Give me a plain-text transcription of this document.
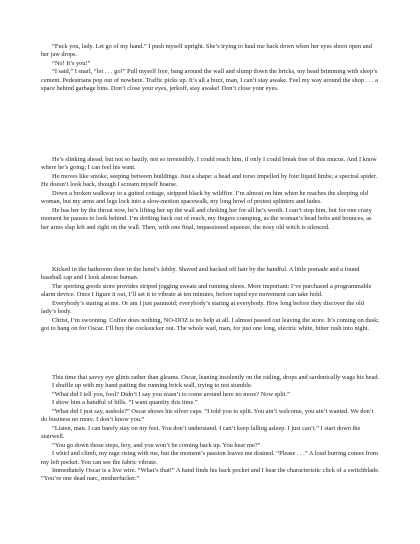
“Fuck you, lady. Let go of my hand.” I push myself upright. She’s trying to haul me back down when her eyes shoot open and her jaw drops.

“No! It’s you!”

“I said,” I snarl, “let . . . go!” Pull myself free, bang around the wall and slump down the bricks, my head brimming with sleep’s cement. Pedestrians pop out of nowhere. Traffic picks up. It’s all a buzz, man, I can’t stay awake. Feel my way around the shop . . . a space behind garbage bins. Don’t close your eyes, jerkoff, stay awake! Don’t close your eyes.

He’s slinking ahead, but not so hazily, not so irresistibly. I could reach him, if only I could break free of this mucus. And I know where he’s going; I can feel his want.

He moves like smoke, seeping between buildings. Just a shape: a head and torso impelled by four liquid limbs; a spectral spider. He doesn’t look back, though I scream myself hoarse.

Down a broken walkway to a gutted cottage, stripped black by wildfire. I’m almost on him when he reaches the sleeping old woman, but my arms and legs lock into a slow-motion spacewalk, my long howl of protest splinters and fades.

He has her by the throat now, he’s lifting her up the wall and choking her for all he’s worth. I can’t stop him, but for one crazy moment he pauses to look behind. I’m drifting back out of reach, my fingers cramping, as the woman’s head bobs and bounces, as her arms slap left and right on the wall. Then, with one final, impassioned squeeze, the nosy old witch is silenced.

Kicked in the bathroom door in the hotel’s lobby. Shaved and hacked off hair by the handful. A little pomade and a found baseball cap and I look almost human.

The sporting goods store provides striped jogging sweats and running shoes. More important: I’ve purchased a programmable alarm device. Once I figure it out, I’ll set it to vibrate at ten minutes, before rapid eye movement can take hold.

Everybody’s staring at me. Or am I just paranoid; everybody’s staring at everybody. How long before they discover the old lady’s body.

Christ, I’m swooning. Coffee does nothing, NO-DOZ is no help at all. I almost passed out leaving the store. It’s coming on dusk; got to hang on for Oscar. I’ll buy the cocksucker out. The whole wad, man, for just one long, electric white, bitter rush into night.

This time that savvy eye glints rather than gleams. Oscar, leaning insolently on the railing, drops and sardonically wags his head.

I shuffle up with my hand patting the running brick wall, trying to not stumble.

“What did I tell you, fool? Didn’t I say you wasn’t to come around here no more? Now split.”

I show him a handful of bills. “I want quantity this time.”

“What did I just say, asshole?” Oscar shows his silver caps. “I told you to split. You ain’t welcome, you ain’t wanted. We don’t do business no more. I don’t know you.”

“Listen, man. I can barely stay on my feet. You don’t understand. I can’t keep falling asleep. I just can’t.” I start down the stairwell.

“You go down those steps, boy, and you won’t be coming back up. You hear me?”

I whirl and climb, my rage rising with me, but the moment’s passion leaves me drained. “Please . . .” A loud burring comes from my left pocket. You can see the fabric vibrate.

Immediately Oscar is a live wire. “What’s that!” A hand finds his back pocket and I hear the characteristic click of a switchblade. “You’re one dead narc, motherfucker.”
